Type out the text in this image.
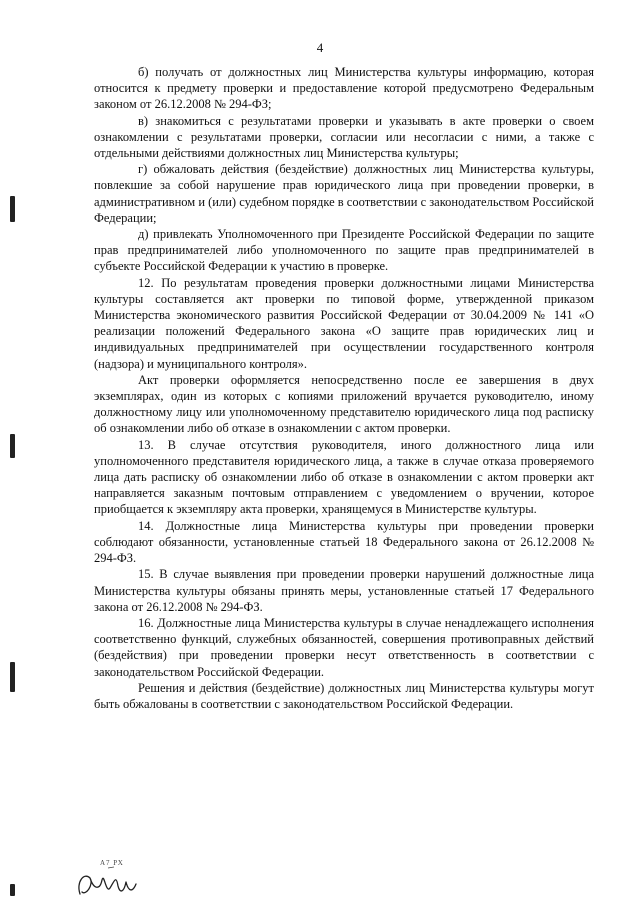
4

б) получать от должностных лиц Министерства культуры информацию, которая относится к предмету проверки и предоставление которой предусмотрено Федеральным законом от 26.12.2008 № 294-ФЗ;

в) знакомиться с результатами проверки и указывать в акте проверки о своем ознакомлении с результатами проверки, согласии или несогласии с ними, а также с отдельными действиями должностных лиц Министерства культуры;

г) обжаловать действия (бездействие) должностных лиц Министерства культуры, повлекшие за собой нарушение прав юридического лица при проведении проверки, в административном и (или) судебном порядке в соответствии с законодательством Российской Федерации;

д) привлекать Уполномоченного при Президенте Российской Федерации по защите прав предпринимателей либо уполномоченного по защите прав предпринимателей в субъекте Российской Федерации к участию в проверке.

12. По результатам проведения проверки должностными лицами Министерства культуры составляется акт проверки по типовой форме, утвержденной приказом Министерства экономического развития Российской Федерации от 30.04.2009 № 141 «О реализации положений Федерального закона «О защите прав юридических лиц и индивидуальных предпринимателей при осуществлении государственного контроля (надзора) и муниципального контроля».

Акт проверки оформляется непосредственно после ее завершения в двух экземплярах, один из которых с копиями приложений вручается руководителю, иному должностному лицу или уполномоченному представителю юридического лица под расписку об ознакомлении либо об отказе в ознакомлении с актом проверки.

13. В случае отсутствия руководителя, иного должностного лица или уполномоченного представителя юридического лица, а также в случае отказа проверяемого лица дать расписку об ознакомлении либо об отказе в ознакомлении с актом проверки акт направляется заказным почтовым отправлением с уведомлением о вручении, которое приобщается к экземпляру акта проверки, хранящемуся в Министерстве культуры.

14. Должностные лица Министерства культуры при проведении проверки соблюдают обязанности, установленные статьей 18 Федерального закона от 26.12.2008 № 294-ФЗ.

15. В случае выявления при проведении проверки нарушений должностные лица Министерства культуры обязаны принять меры, установленные статьей 17 Федерального закона от 26.12.2008 № 294-ФЗ.

16. Должностные лица Министерства культуры в случае ненадлежащего исполнения соответственно функций, служебных обязанностей, совершения противоправных действий (бездействия) при проведении проверки несут ответственность в соответствии с законодательством Российской Федерации.

Решения и действия (бездействие) должностных лиц Министерства культуры могут быть обжалованы в соответствии с законодательством Российской Федерации.

А7 РХ
